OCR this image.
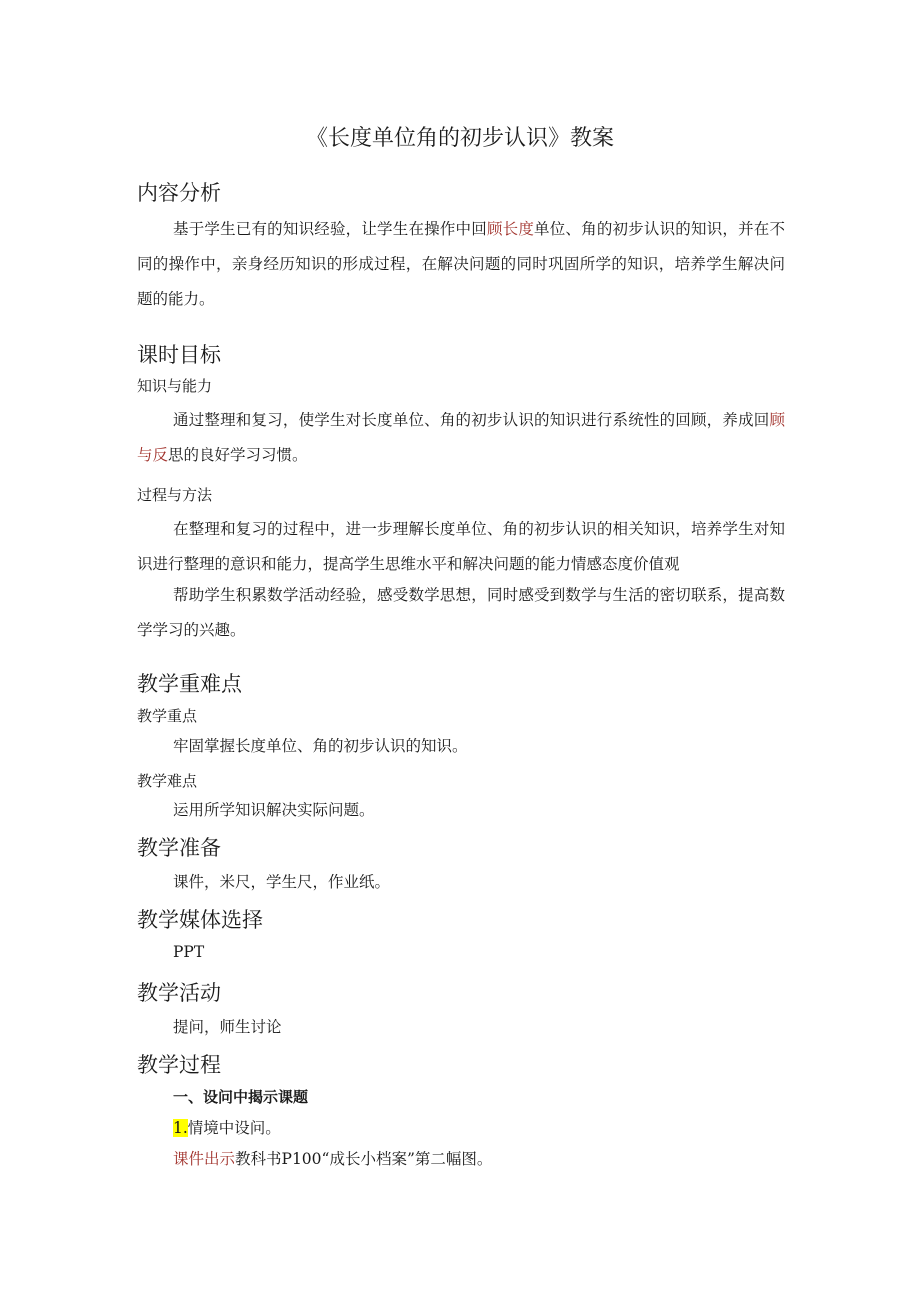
《长度单位角的初步认识》教案
内容分析
基于学生已有的知识经验，让学生在操作中回顾长度单位、角的初步认识的知识，并在不同的操作中，亲身经历知识的形成过程，在解决问题的同时巩固所学的知识，培养学生解决问题的能力。
课时目标
知识与能力
通过整理和复习，使学生对长度单位、角的初步认识的知识进行系统性的回顾，养成回顾与反思的良好学习习惯。
过程与方法
在整理和复习的过程中，进一步理解长度单位、角的初步认识的相关知识，培养学生对知识进行整理的意识和能力，提高学生思维水平和解决问题的能力情感态度价值观
帮助学生积累数学活动经验，感受数学思想，同时感受到数学与生活的密切联系，提高数学学习的兴趣。
教学重难点
教学重点
牢固掌握长度单位、角的初步认识的知识。
教学难点
运用所学知识解决实际问题。
教学准备
课件，米尺，学生尺，作业纸。
教学媒体选择
PPT
教学活动
提问，师生讨论
教学过程
一、设问中揭示课题
1.情境中设问。
课件出示教科书P100“成长小档案”第二幅图。
